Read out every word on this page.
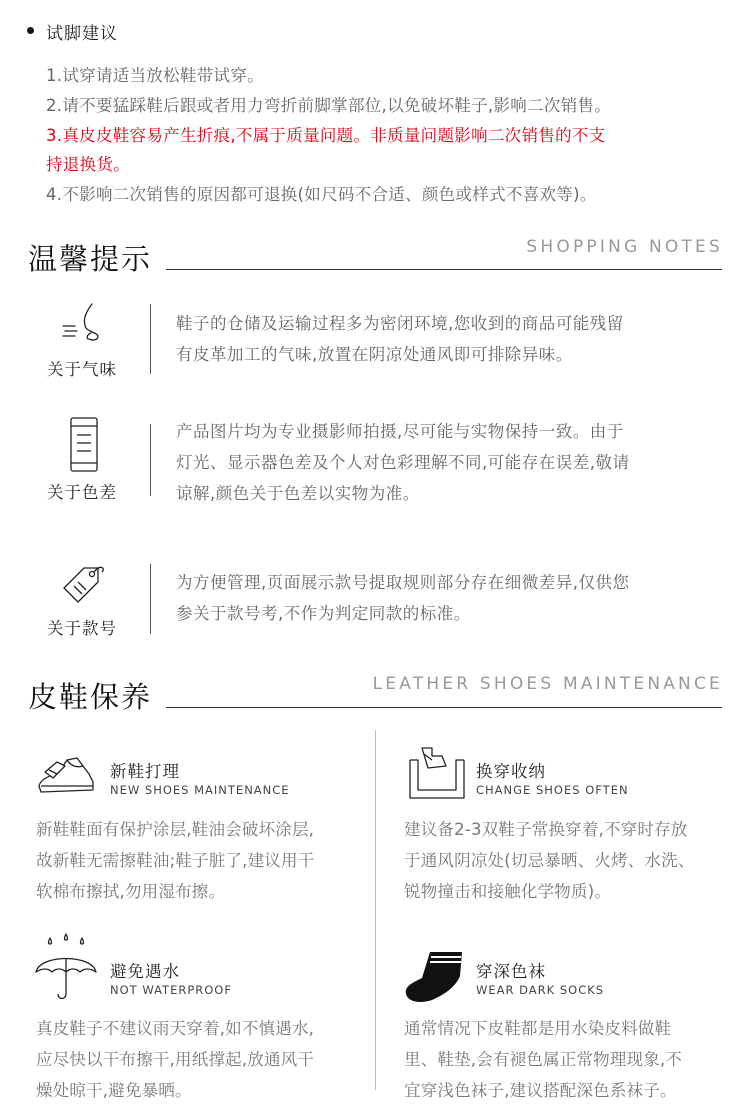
试脚建议
1.试穿请适当放松鞋带试穿。
2.请不要猛踩鞋后跟或者用力弯折前脚掌部位,以免破坏鞋子,影响二次销售。
3.真皮皮鞋容易产生折痕,不属于质量问题。非质量问题影响二次销售的不支
持退换货。
4.不影响二次销售的原因都可退换(如尺码不合适、颜色或样式不喜欢等)。
温馨提示	SHOPPING NOTES
关于气味
鞋子的仓储及运输过程多为密闭环境,您收到的商品可能残留
有皮革加工的气味,放置在阴凉处通风即可排除异味。
关于色差
产品图片均为专业摄影师拍摄,尽可能与实物保持一致。由于
灯光、显示器色差及个人对色彩理解不同,可能存在误差,敬请
谅解,颜色关于色差以实物为准。
关于款号
为方便管理,页面展示款号提取规则部分存在细微差异,仅供您
参关于款号考,不作为判定同款的标准。
皮鞋保养	LEATHER SHOES MAINTENANCE
新鞋打理
NEW SHOES MAINTENANCE
新鞋鞋面有保护涂层,鞋油会破坏涂层,
故新鞋无需擦鞋油;鞋子脏了,建议用干
软棉布擦拭,勿用湿布擦。
换穿收纳
CHANGE SHOES OFTEN
建议备2-3双鞋子常换穿着,不穿时存放
于通风阴凉处(切忌暴晒、火烤、水洗、
锐物撞击和接触化学物质)。
避免遇水
NOT WATERPROOF
真皮鞋子不建议雨天穿着,如不慎遇水,
应尽快以干布擦干,用纸撑起,放通风干
燥处晾干,避免暴晒。
穿深色袜
WEAR DARK SOCKS
通常情况下皮鞋都是用水染皮料做鞋
里、鞋垫,会有褪色属正常物理现象,不
宜穿浅色袜子,建议搭配深色系袜子。
